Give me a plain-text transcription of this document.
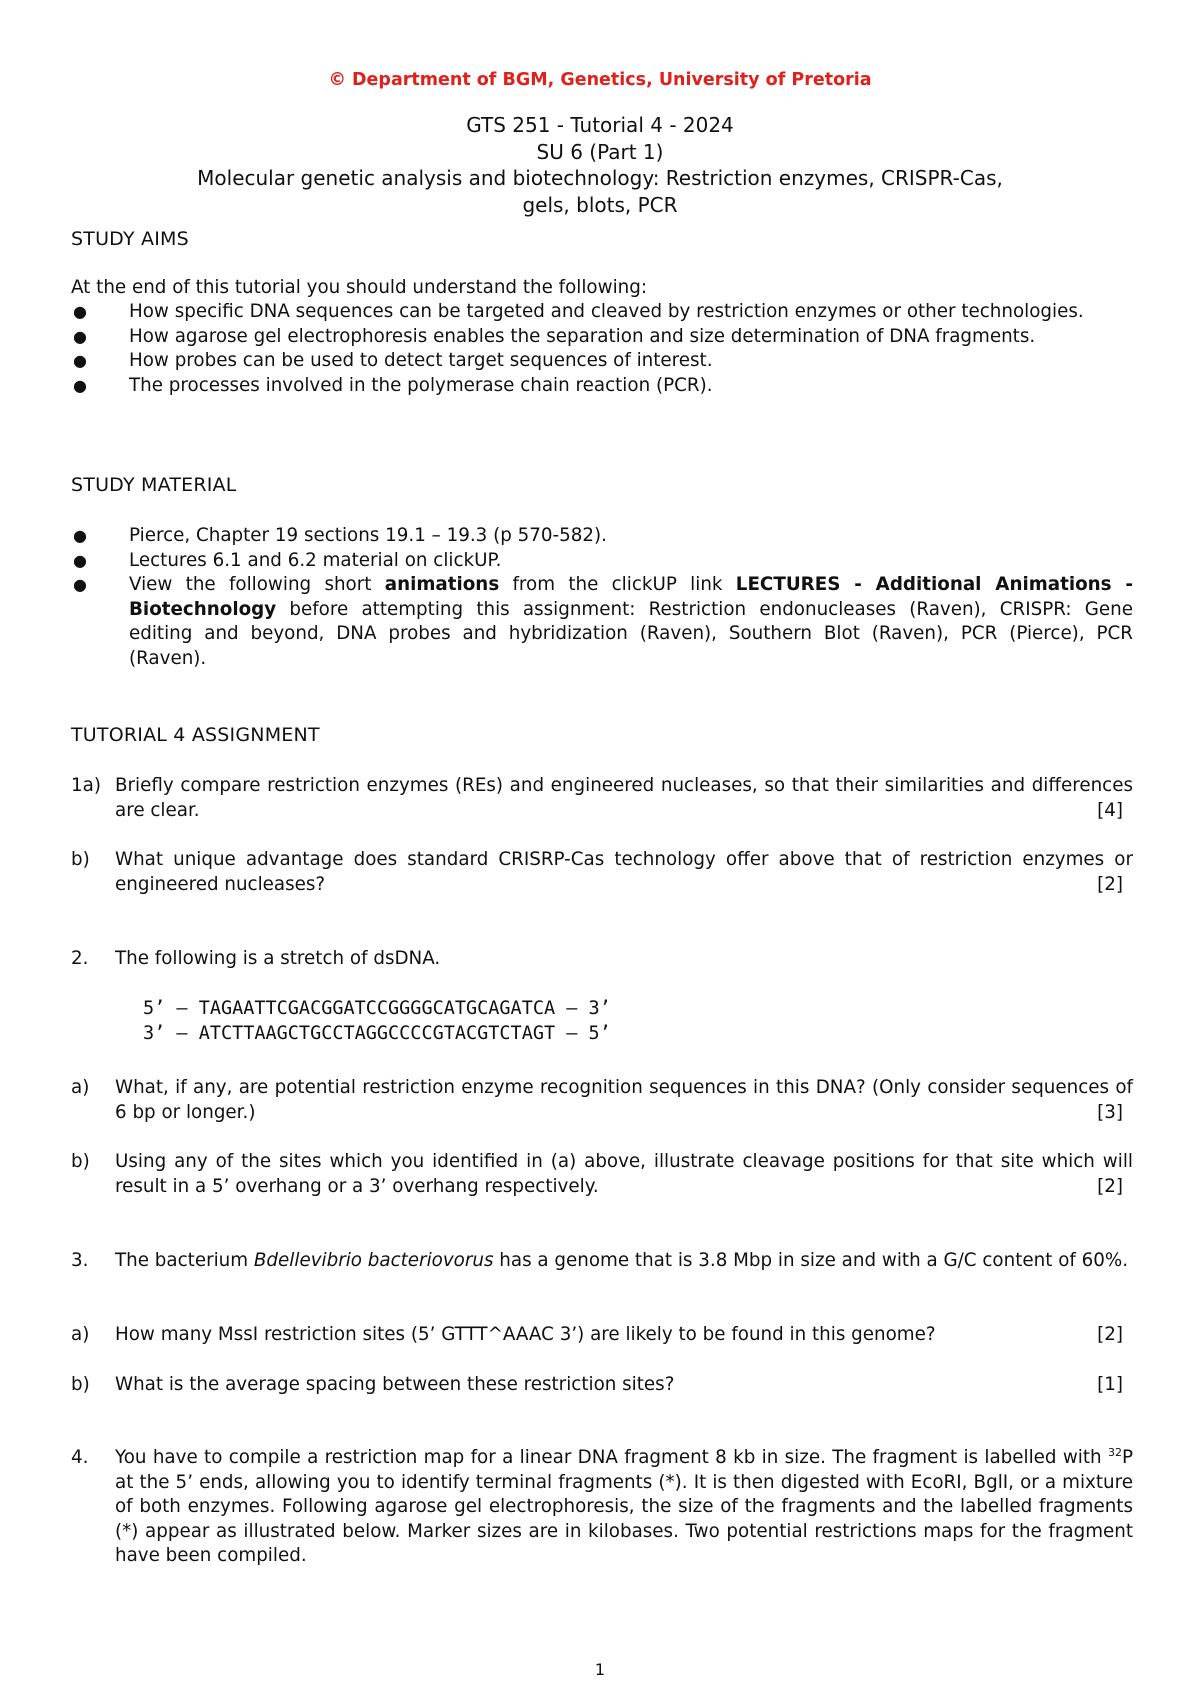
© Department of BGM, Genetics, University of Pretoria
GTS 251 - Tutorial 4 - 2024
SU 6 (Part 1)
Molecular genetic analysis and biotechnology: Restriction enzymes, CRISPR-Cas,
gels, blots, PCR
STUDY AIMS
At the end of this tutorial you should understand the following:
● How specific DNA sequences can be targeted and cleaved by restriction enzymes or other technologies.
● How agarose gel electrophoresis enables the separation and size determination of DNA fragments.
● How probes can be used to detect target sequences of interest.
● The processes involved in the polymerase chain reaction (PCR).
STUDY MATERIAL
● Pierce, Chapter 19 sections 19.1 – 19.3 (p 570-582).
● Lectures 6.1 and 6.2 material on clickUP.
● View the following short animations from the clickUP link LECTURES - Additional Animations - Biotechnology before attempting this assignment: Restriction endonucleases (Raven), CRISPR: Gene editing and beyond, DNA probes and hybridization (Raven), Southern Blot (Raven), PCR (Pierce), PCR (Raven).
TUTORIAL 4 ASSIGNMENT
1a) Briefly compare restriction enzymes (REs) and engineered nucleases, so that their similarities and differences are clear.	[4]
b) What unique advantage does standard CRISRP-Cas technology offer above that of restriction enzymes or engineered nucleases?	[2]
2. The following is a stretch of dsDNA.
5’ – TAGAATTCGACGGATCCGGGGCATGCAGATCA – 3’
3’ – ATCTTAAGCTGCCTAGGCCCCGTACGTCTAGT – 5’
a) What, if any, are potential restriction enzyme recognition sequences in this DNA? (Only consider sequences of 6 bp or longer.)	[3]
b) Using any of the sites which you identified in (a) above, illustrate cleavage positions for that site which will result in a 5’ overhang or a 3’ overhang respectively.	[2]
3. The bacterium Bdellevibrio bacteriovorus has a genome that is 3.8 Mbp in size and with a G/C content of 60%.
a) How many MssI restriction sites (5’ GTTT^AAAC 3’) are likely to be found in this genome?	[2]
b) What is the average spacing between these restriction sites?	[1]
4. You have to compile a restriction map for a linear DNA fragment 8 kb in size. The fragment is labelled with $^{32}$P at the 5’ ends, allowing you to identify terminal fragments (*). It is then digested with EcoRI, BglI, or a mixture of both enzymes. Following agarose gel electrophoresis, the size of the fragments and the labelled fragments (*) appear as illustrated below. Marker sizes are in kilobases. Two potential restrictions maps for the fragment have been compiled.
1
